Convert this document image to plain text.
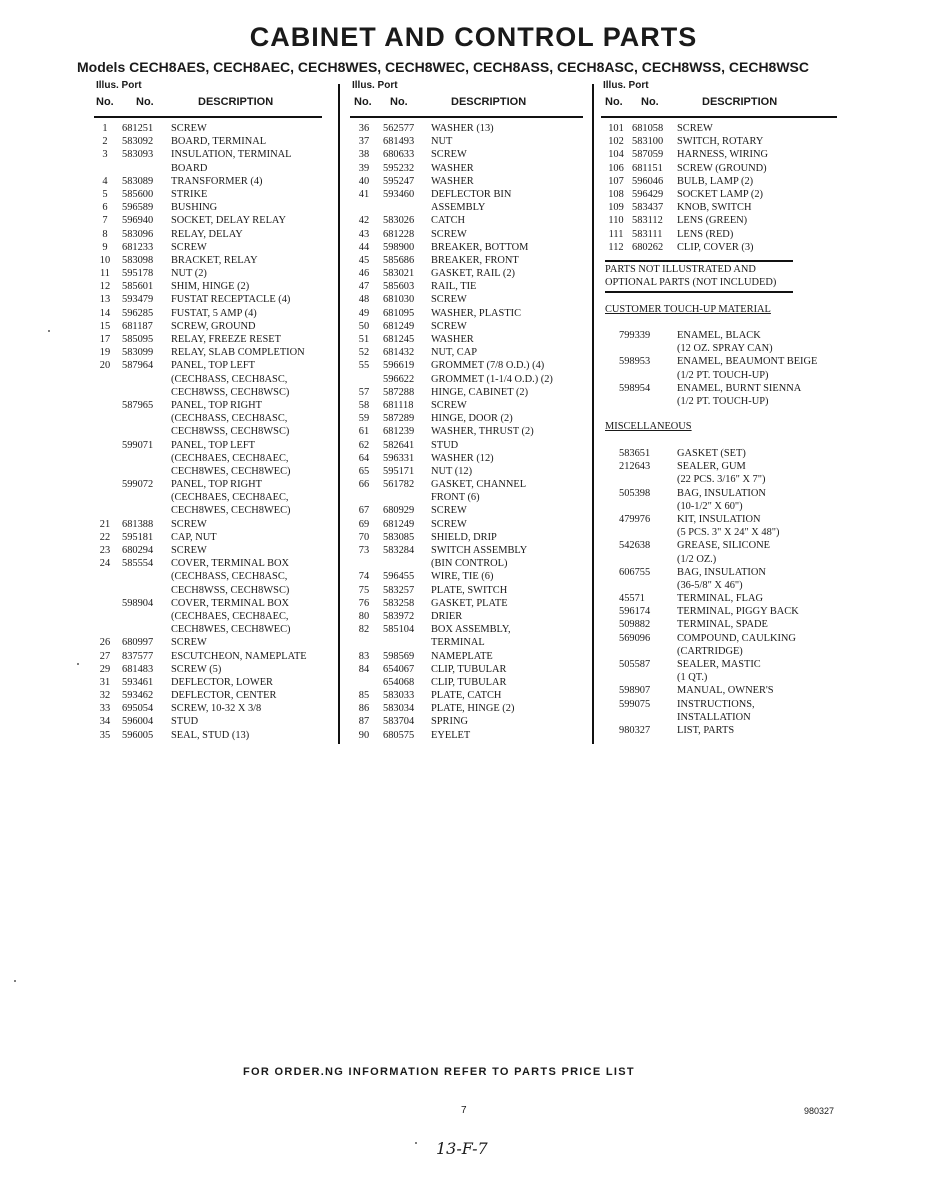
CABINET AND CONTROL PARTS
Models CECH8AES, CECH8AEC, CECH8WES, CECH8WEC, CECH8ASS, CECH8ASC, CECH8WSS, CECH8WSC
Illus. Port
No. No.	DESCRIPTION
1	681251 SCREW
2	583092 BOARD, TERMINAL
3	583093 INSULATION, TERMINAL
BOARD
4	583089 TRANSFORMER (4)
5	585600 STRIKE
6	596589 BUSHING
7	596940 SOCKET, DELAY RELAY
8	583096 RELAY, DELAY
9	681233 SCREW
10	583098 BRACKET, RELAY
11	595178 NUT (2)
12	585601 SHIM, HINGE (2)
13	593479 FUSTAT RECEPTACLE (4)
14	596285 FUSTAT, 5 AMP (4)
15	681187 SCREW, GROUND
17	585095 RELAY, FREEZE RESET
19	583099 RELAY, SLAB COMPLETION
20	587964 PANEL, TOP LEFT
(CECH8ASS, CECH8ASC,
CECH8WSS, CECH8WSC)
587965 PANEL, TOP RIGHT
(CECH8ASS, CECH8ASC,
CECH8WSS, CECH8WSC)
599071 PANEL, TOP LEFT
(CECH8AES, CECH8AEC,
CECH8WES, CECH8WEC)
599072 PANEL, TOP RIGHT
(CECH8AES, CECH8AEC,
CECH8WES, CECH8WEC)
21	681388 SCREW
22	595181 CAP, NUT
23	680294 SCREW
24	585554 COVER, TERMINAL BOX
(CECH8ASS, CECH8ASC,
CECH8WSS, CECH8WSC)
598904 COVER, TERMINAL BOX
(CECH8AES, CECH8AEC,
CECH8WES, CECH8WEC)
26	680997 SCREW
27	837577 ESCUTCHEON, NAMEPLATE
29	681483 SCREW (5)
31	593461 DEFLECTOR, LOWER
32	593462 DEFLECTOR, CENTER
33	695054 SCREW, 10-32 X 3/8
34	596004 STUD
35	596005 SEAL, STUD (13)
Illus. Port
No. No.	DESCRIPTION
36	562577 WASHER (13)
37	681493 NUT
38	680633 SCREW
39	595232 WASHER
40	595247 WASHER
41	593460 DEFLECTOR BIN
ASSEMBLY
42	583026 CATCH
43	681228 SCREW
44	598900 BREAKER, BOTTOM
45	585686 BREAKER, FRONT
46	583021 GASKET, RAIL (2)
47	585603 RAIL, TIE
48	681030 SCREW
49	681095 WASHER, PLASTIC
50	681249 SCREW
51	681245 WASHER
52	681432 NUT, CAP
55	596619 GROMMET (7/8 O.D.) (4)
596622 GROMMET (1-1/4 O.D.) (2)
57	587288 HINGE, CABINET (2)
58	681118 SCREW
59	587289 HINGE, DOOR (2)
61	681239 WASHER, THRUST (2)
62	582641 STUD
64	596331 WASHER (12)
65	595171 NUT (12)
66	561782 GASKET, CHANNEL
FRONT (6)
67	680929 SCREW
69	681249 SCREW
70	583085 SHIELD, DRIP
73	583284 SWITCH ASSEMBLY
(BIN CONTROL)
74	596455 WIRE, TIE (6)
75	583257 PLATE, SWITCH
76	583258 GASKET, PLATE
80	583972 DRIER
82	585104 BOX ASSEMBLY,
TERMINAL
83	598569 NAMEPLATE
84	654067 CLIP, TUBULAR
654068 CLIP, TUBULAR
85	583033 PLATE, CATCH
86	583034 PLATE, HINGE (2)
87	583704 SPRING
90	680575 EYELET
Illus. Port
No. No.	DESCRIPTION
101 681058 SCREW
102 583100 SWITCH, ROTARY
104 587059 HARNESS, WIRING
106 681151 SCREW (GROUND)
107 596046 BULB, LAMP (2)
108 596429 SOCKET LAMP (2)
109 583437 KNOB, SWITCH
110 583112 LENS (GREEN)
111 583111 LENS (RED)
112 680262 CLIP, COVER (3)
PARTS NOT ILLUSTRATED AND
OPTIONAL PARTS (NOT INCLUDED)
CUSTOMER TOUCH-UP MATERIAL
799339	ENAMEL, BLACK
(12 OZ. SPRAY CAN)
598953	ENAMEL, BEAUMONT BEIGE
(1/2 PT. TOUCH-UP)
598954	ENAMEL, BURNT SIENNA
(1/2 PT. TOUCH-UP)
MISCELLANEOUS
583651	GASKET (SET)
212643	SEALER, GUM
(22 PCS. 3/16" X 7")
505398	BAG, INSULATION
(10-1/2" X 60")
479976	KIT, INSULATION
(5 PCS. 3" X 24" X 48")
542638	GREASE, SILICONE
(1/2 OZ.)
606755	BAG, INSULATION
(36-5/8" X 46")
45571	TERMINAL, FLAG
596174	TERMINAL, PIGGY BACK
509882	TERMINAL, SPADE
569096	COMPOUND, CAULKING
(CARTRIDGE)
505587	SEALER, MASTIC
(1 QT.)
598907	MANUAL, OWNER'S
599075	INSTRUCTIONS,
INSTALLATION
980327	LIST, PARTS
FOR ORDER.NG INFORMATION REFER TO PARTS PRICE LIST
7	980327
13-F-7
